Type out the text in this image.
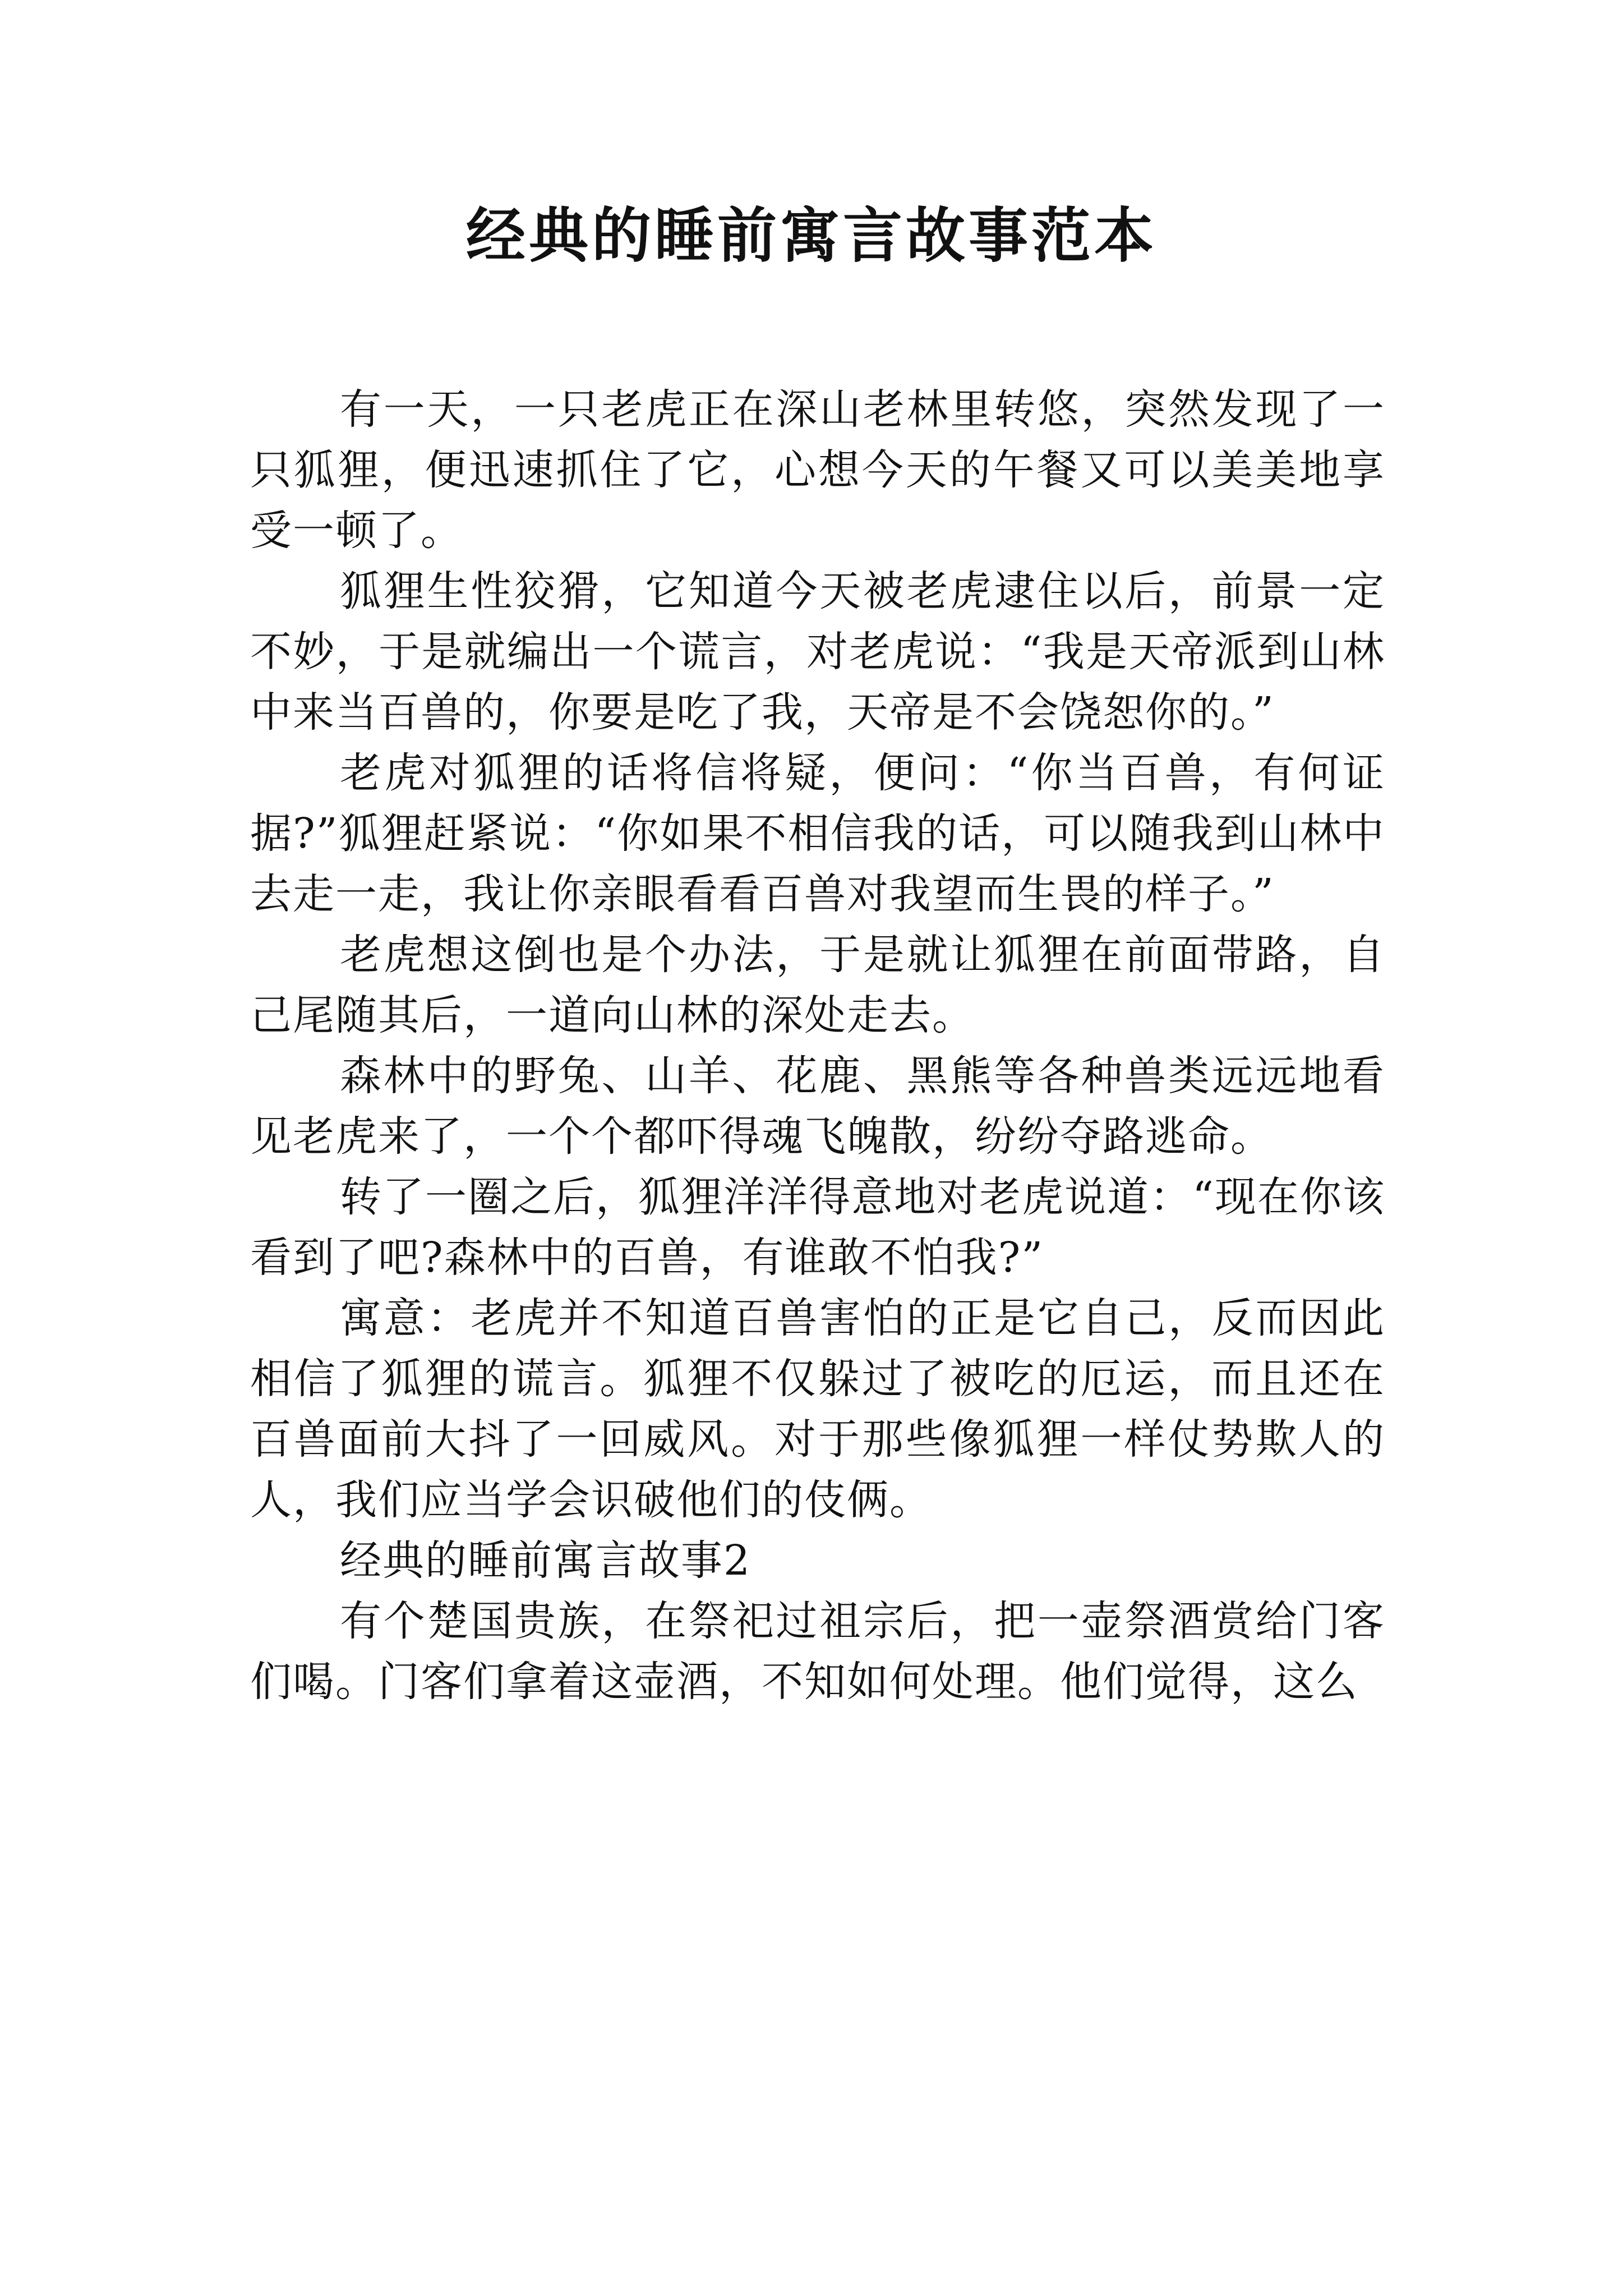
经典的睡前寓言故事范本

有一天，一只老虎正在深山老林里转悠，突然发现了一只狐狸，便迅速抓住了它，心想今天的午餐又可以美美地享受一顿了。

狐狸生性狡猾，它知道今天被老虎逮住以后，前景一定不妙，于是就编出一个谎言，对老虎说：“我是天帝派到山林中来当百兽的，你要是吃了我，天帝是不会饶恕你的。”

老虎对狐狸的话将信将疑，便问：“你当百兽，有何证据?”狐狸赶紧说：“你如果不相信我的话，可以随我到山林中去走一走，我让你亲眼看看百兽对我望而生畏的样子。”

老虎想这倒也是个办法，于是就让狐狸在前面带路，自己尾随其后，一道向山林的深处走去。

森林中的野兔、山羊、花鹿、黑熊等各种兽类远远地看见老虎来了，一个个都吓得魂飞魄散，纷纷夺路逃命。

转了一圈之后，狐狸洋洋得意地对老虎说道：“现在你该看到了吧?森林中的百兽，有谁敢不怕我?”

寓意：老虎并不知道百兽害怕的正是它自己，反而因此相信了狐狸的谎言。狐狸不仅躲过了被吃的厄运，而且还在百兽面前大抖了一回威风。对于那些像狐狸一样仗势欺人的人，我们应当学会识破他们的伎俩。

经典的睡前寓言故事2

有个楚国贵族，在祭祀过祖宗后，把一壶祭酒赏给门客们喝。门客们拿着这壶酒，不知如何处理。他们觉得，这么
